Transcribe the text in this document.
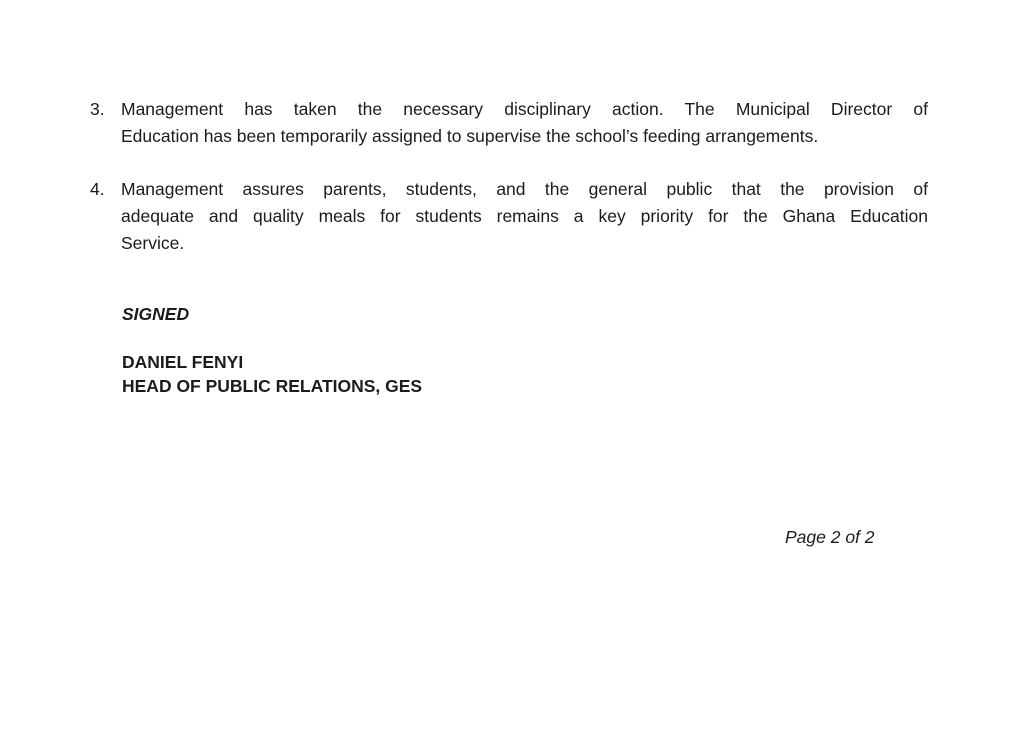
3. Management has taken the necessary disciplinary action. The Municipal Director of
Education has been temporarily assigned to supervise the school’s feeding arrangements.
4. Management assures parents, students, and the general public that the provision of
adequate and quality meals for students remains a key priority for the Ghana Education
Service.
SIGNED
DANIEL FENYI
HEAD OF PUBLIC RELATIONS, GES
Page 2 of 2
